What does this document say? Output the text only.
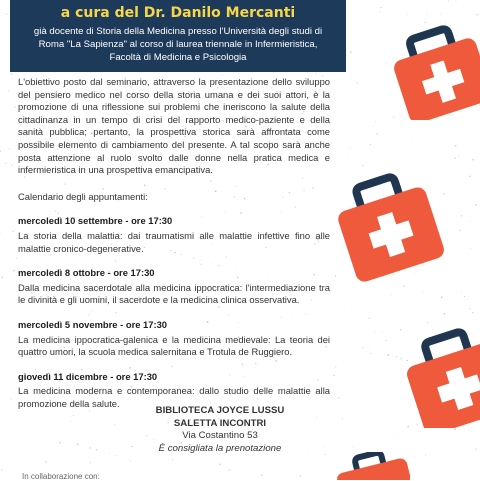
a cura del Dr. Danilo Mercanti
già docente di Storia della Medicina presso l'Università degli studi di
Roma "La Sapienza" al corso di laurea triennale in Infermieristica,
Facoltà di Medicina e Psicologia

L'obiettivo posto dal seminario, attraverso la presentazione dello sviluppo del pensiero medico nel corso della storia umana e dei suoi attori, è la promozione di una riflessione sui problemi che ineriscono la salute della cittadinanza in un tempo di crisi del rapporto medico-paziente e della sanità pubblica; pertanto, la prospettiva storica sarà affrontata come possibile elemento di cambiamento del presente. A tal scopo sarà anche posta attenzione al ruolo svolto dalle donne nella pratica medica e infermieristica in una prospettiva emancipativa.

Calendario degli appuntamenti:

mercoledì 10 settembre - ore 17:30
La storia della malattia: dai traumatismi alle malattie infettive fino alle malattie cronico-degenerative.
mercoledì 8 ottobre - ore 17:30
Dalla medicina sacerdotale alla medicina ippocratica: l'intermediazione tra le divinità e gli uomini, il sacerdote e la medicina clinica osservativa.
mercoledì 5 novembre - ore 17:30
La medicina ippocratica-galenica e la medicina medievale: La teoria dei quattro umori, la scuola medica salernitana e Trotula de Ruggiero.
giovedì 11 dicembre - ore 17:30
La medicina moderna e contemporanea: dallo studio delle malattie alla promozione della salute.
BIBLIOTECA JOYCE LUSSU
SALETTA INCONTRI
Via Costantino 53
È consigliata la prenotazione
In collaborazione con:
